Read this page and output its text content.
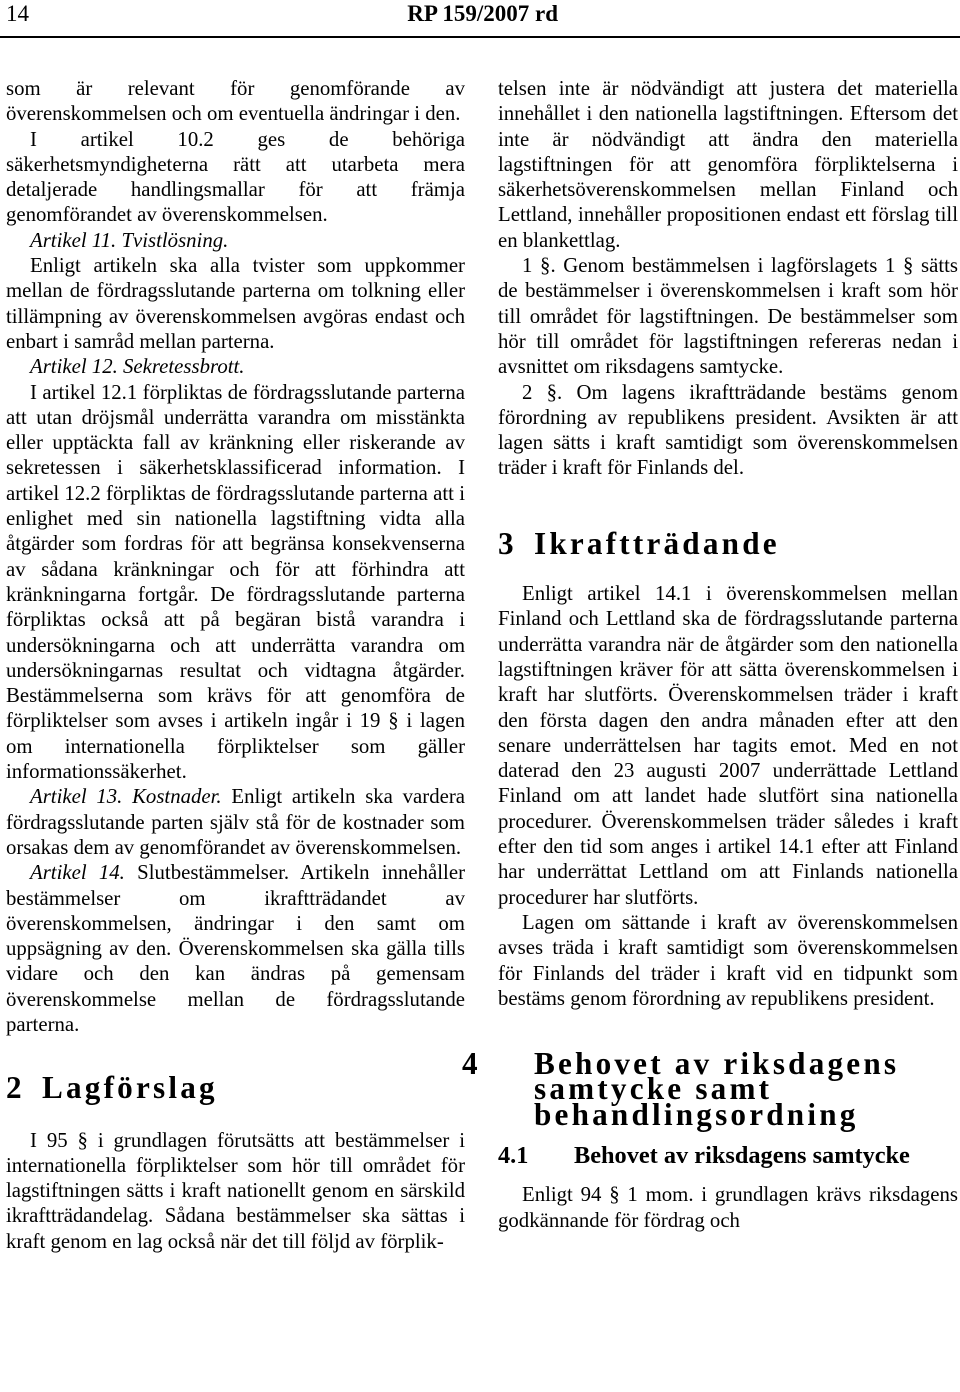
14	RP 159/2007 rd

som är relevant för genomförande av överenskommelsen och om eventuella ändringar i den.

I artikel 10.2 ges de behöriga säkerhetsmyndigheterna rätt att utarbeta mera detaljerade handlingsmallar för att främja genomförandet av överenskommelsen.

Artikel 11. Tvistlösning.

Enligt artikeln ska alla tvister som uppkommer mellan de fördragsslutande parterna om tolkning eller tillämpning av överenskommelsen avgöras endast och enbart i samråd mellan parterna.

Artikel 12. Sekretessbrott.

I artikel 12.1 förpliktas de fördragsslutande parterna att utan dröjsmål underrätta varandra om misstänkta eller upptäckta fall av kränkning eller riskerande av sekretessen i säkerhetsklassificerad information. I artikel 12.2 förpliktas de fördragsslutande parterna att i enlighet med sin nationella lagstiftning vidta alla åtgärder som fordras för att begränsa konsekvenserna av sådana kränkningar och för att förhindra att kränkningarna fortgår. De fördragsslutande parterna förpliktas också att på begäran bistå varandra i undersökningarna och att underrätta varandra om undersökningarnas resultat och vidtagna åtgärder. Bestämmelserna som krävs för att genomföra de förpliktelser som avses i artikeln ingår i 19 § i lagen om internationella förpliktelser som gäller informationssäkerhet.

Artikel 13. Kostnader. Enligt artikeln ska vardera fördragsslutande parten själv stå för de kostnader som orsakas dem av genomförandet av överenskommelsen.

Artikel 14. Slutbestämmelser. Artikeln innehåller bestämmelser om ikraftträdandet av överenskommelsen, ändringar i den samt om uppsägning av den. Överenskommelsen ska gälla tills vidare och den kan ändras på gemensam överenskommelse mellan de fördragsslutande parterna.

2 Lagförslag

I 95 § i grundlagen förutsätts att bestämmelser i internationella förpliktelser som hör till området för lagstiftningen sätts i kraft nationellt genom en särskild ikraftträdandelag. Sådana bestämmelser ska sättas i kraft genom en lag också när det till följd av förplik-

telsen inte är nödvändigt att justera det materiella innehållet i den nationella lagstiftningen. Eftersom det inte är nödvändigt att ändra den materiella lagstiftningen för att genomföra förpliktelserna i säkerhetsöverenskommelsen mellan Finland och Lettland, innehåller propositionen endast ett förslag till en blankettlag.

1 §. Genom bestämmelsen i lagförslagets 1 § sätts de bestämmelser i överenskommelsen i kraft som hör till området för lagstiftningen. De bestämmelser som hör till området för lagstiftningen refereras nedan i avsnittet om riksdagens samtycke.

2 §. Om lagens ikraftträdande bestäms genom förordning av republikens president. Avsikten är att lagen sätts i kraft samtidigt som överenskommelsen träder i kraft för Finlands del.

3 Ikraftträdande

Enligt artikel 14.1 i överenskommelsen mellan Finland och Lettland ska de fördragsslutande parterna underrätta varandra när de åtgärder som den nationella lagstiftningen kräver för att sätta överenskommelsen i kraft har slutförts. Överenskommelsen träder i kraft den första dagen den andra månaden efter att den senare underrättelsen har tagits emot. Med en not daterad den 23 augusti 2007 underrättade Lettland Finland om att landet hade slutfört sina nationella procedurer. Överenskommelsen träder således i kraft efter den tid som anges i artikel 14.1 efter att Finland har underrättat Lettland om att Finlands nationella procedurer har slutförts.

Lagen om sättande i kraft av överenskommelsen avses träda i kraft samtidigt som överenskommelsen för Finlands del träder i kraft vid en tidpunkt som bestäms genom förordning av republikens president.

4 Behovet av riksdagens samtycke samt behandlingsordning
4.1 Behovet av riksdagens samtycke

Enligt 94 § 1 mom. i grundlagen krävs riksdagens godkännande för fördrag och
